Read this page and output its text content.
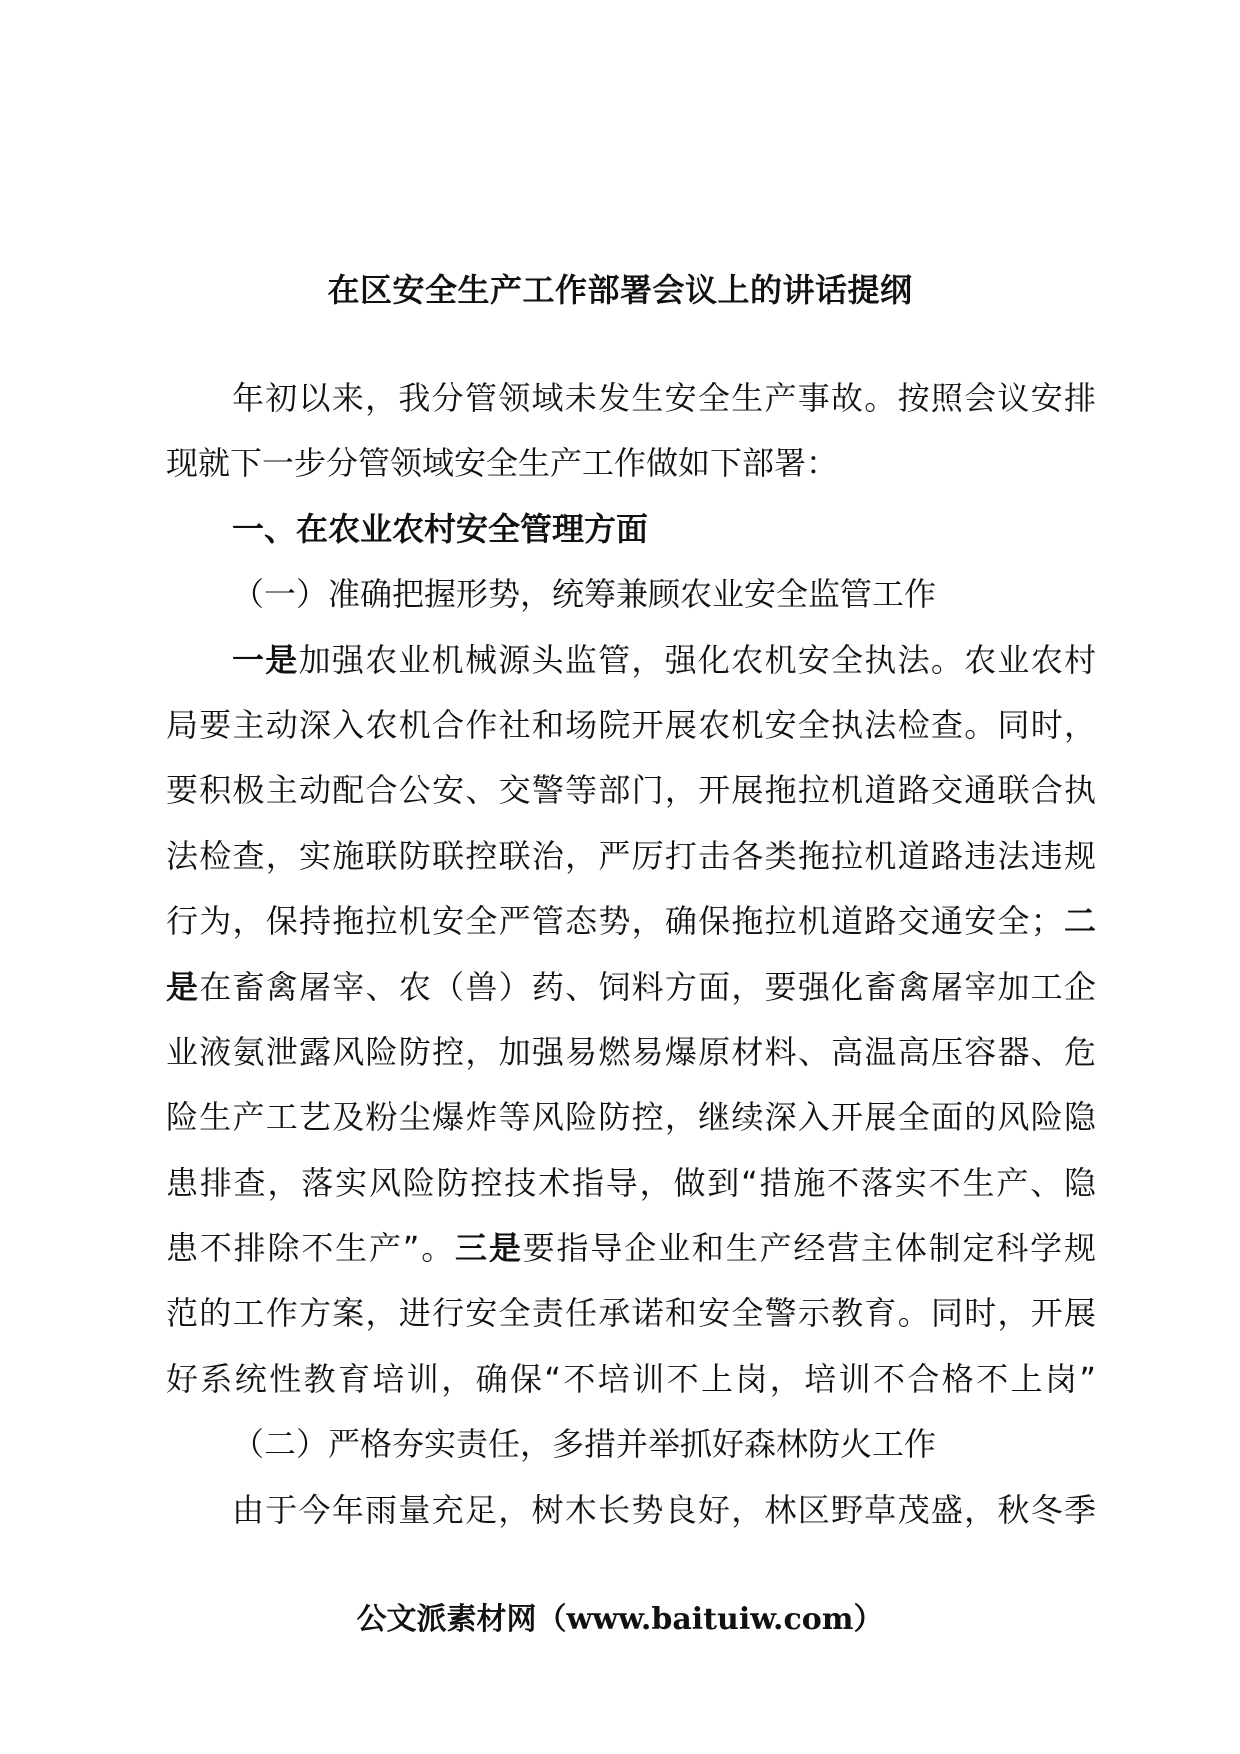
在区安全生产工作部署会议上的讲话提纲
年初以来，我分管领域未发生安全生产事故。按照会议安排
现就下一步分管领域安全生产工作做如下部署：
一、在农业农村安全管理方面
（一）准确把握形势，统筹兼顾农业安全监管工作
一是加强农业机械源头监管，强化农机安全执法。农业农村
局要主动深入农机合作社和场院开展农机安全执法检查。同时，
要积极主动配合公安、交警等部门，开展拖拉机道路交通联合执
法检查，实施联防联控联治，严厉打击各类拖拉机道路违法违规
行为，保持拖拉机安全严管态势，确保拖拉机道路交通安全；二
是在畜禽屠宰、农（兽）药、饲料方面，要强化畜禽屠宰加工企
业液氨泄露风险防控，加强易燃易爆原材料、高温高压容器、危
险生产工艺及粉尘爆炸等风险防控，继续深入开展全面的风险隐
患排查，落实风险防控技术指导，做到“措施不落实不生产、隐
患不排除不生产”。三是要指导企业和生产经营主体制定科学规
范的工作方案，进行安全责任承诺和安全警示教育。同时，开展
好系统性教育培训，确保“不培训不上岗，培训不合格不上岗”
（二）严格夯实责任，多措并举抓好森林防火工作
由于今年雨量充足，树木长势良好，林区野草茂盛，秋冬季
公文派素材网（www.baituiw.com）
